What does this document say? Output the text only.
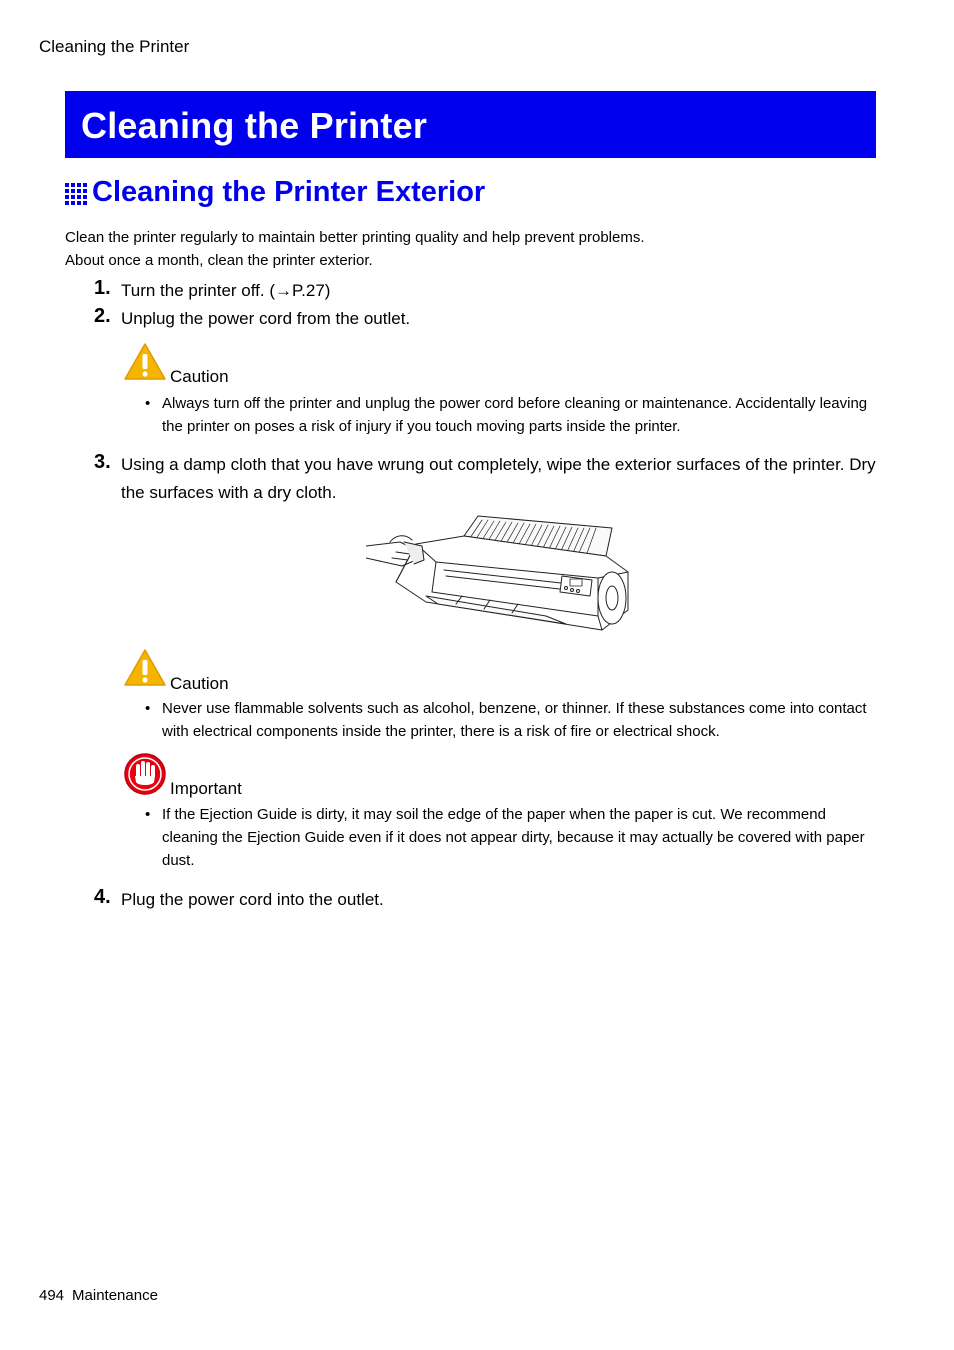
Cleaning the Printer
Cleaning the Printer
Cleaning the Printer Exterior
Clean the printer regularly to maintain better printing quality and help prevent problems.
About once a month, clean the printer exterior.
1. Turn the printer off. (→P.27)
2. Unplug the power cord from the outlet.
Caution
• Always turn off the printer and unplug the power cord before cleaning or maintenance. Accidentally leaving the printer on poses a risk of injury if you touch moving parts inside the printer.
3. Using a damp cloth that you have wrung out completely, wipe the exterior surfaces of the printer. Dry the surfaces with a dry cloth.
Caution
• Never use flammable solvents such as alcohol, benzene, or thinner. If these substances come into contact with electrical components inside the printer, there is a risk of fire or electrical shock.
Important
• If the Ejection Guide is dirty, it may soil the edge of the paper when the paper is cut. We recommend cleaning the Ejection Guide even if it does not appear dirty, because it may actually be covered with paper dust.
4. Plug the power cord into the outlet.
494 Maintenance
